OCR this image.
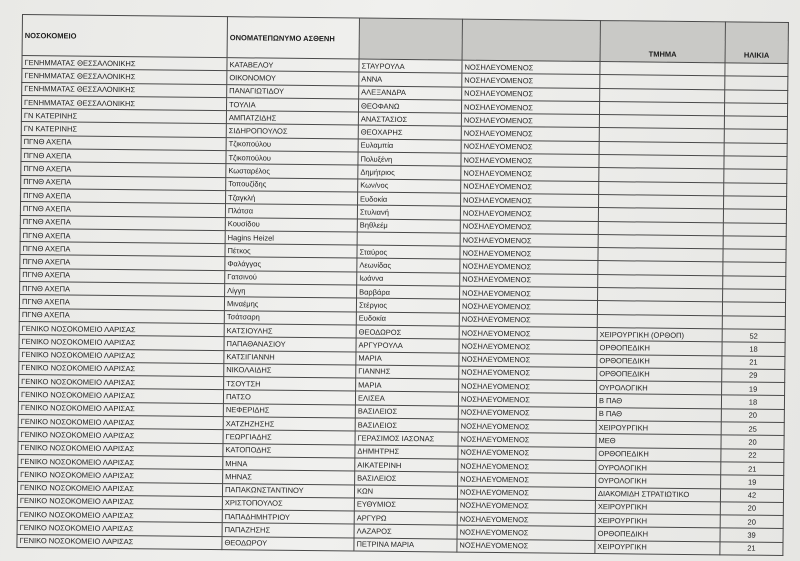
ΝΟΣΟΚΟΜΕΙΟ	ΟΝΟΜΑΤΕΠΩΝΥΜΟ ΑΣΘΕΝΗ			ΤΜΗΜΑ	ΗΛΙΚΙΑ
ΓΕΝΗΜΜΑΤΑΣ ΘΕΣΣΑΛΟΝΙΚΗΣ	ΚΑΤΑΒΕΛΟΥ	ΣΤΑΥΡΟΥΛΑ	ΝΟΣΗΛΕΥΟΜΕΝΟΣ		
ΓΕΝΗΜΜΑΤΑΣ ΘΕΣΣΑΛΟΝΙΚΗΣ	ΟΙΚΟΝΟΜΟΥ	ΑΝΝΑ	ΝΟΣΗΛΕΥΟΜΕΝΟΣ		
ΓΕΝΗΜΜΑΤΑΣ ΘΕΣΣΑΛΟΝΙΚΗΣ	ΠΑΝΑΓΙΩΤΙΔΟΥ	ΑΛΕΞΑΝΔΡΑ	ΝΟΣΗΛΕΥΟΜΕΝΟΣ		
ΓΕΝΗΜΜΑΤΑΣ ΘΕΣΣΑΛΟΝΙΚΗΣ	ΤΟΥΛΙΑ	ΘΕΟΦΑΝΩ	ΝΟΣΗΛΕΥΟΜΕΝΟΣ		
ΓΝ ΚΑΤΕΡΙΝΗΣ	ΑΜΠΑΤΖΙΔΗΣ	ΑΝΑΣΤΑΣΙΟΣ	ΝΟΣΗΛΕΥΟΜΕΝΟΣ		
ΓΝ ΚΑΤΕΡΙΝΗΣ	ΣΙΔΗΡΟΠΟΥΛΟΣ	ΘΕΟΧΑΡΗΣ	ΝΟΣΗΛΕΥΟΜΕΝΟΣ		
ΠΓΝΘ ΑΧΕΠΑ	Τζικοπούλου	Ευλαμπία	ΝΟΣΗΛΕΥΟΜΕΝΟΣ		
ΠΓΝΘ ΑΧΕΠΑ	Τζικοπούλου	Πολυξένη	ΝΟΣΗΛΕΥΟΜΕΝΟΣ		
ΠΓΝΘ ΑΧΕΠΑ	Κωσταρέλος	Δημήτριος	ΝΟΣΗΛΕΥΟΜΕΝΟΣ		
ΠΓΝΘ ΑΧΕΠΑ	Τοπουζίδης	Κων/νος	ΝΟΣΗΛΕΥΟΜΕΝΟΣ		
ΠΓΝΘ ΑΧΕΠΑ	Τζαγκλή	Ευδοκία	ΝΟΣΗΛΕΥΟΜΕΝΟΣ		
ΠΓΝΘ ΑΧΕΠΑ	Πλάτσα	Στυλιανή	ΝΟΣΗΛΕΥΟΜΕΝΟΣ		
ΠΓΝΘ ΑΧΕΠΑ	Κουσίδου	Βηθλεέμ	ΝΟΣΗΛΕΥΟΜΕΝΟΣ		
ΠΓΝΘ ΑΧΕΠΑ	Hagins Heizel		ΝΟΣΗΛΕΥΟΜΕΝΟΣ		
ΠΓΝΘ ΑΧΕΠΑ	Πέτκος	Σταύρος	ΝΟΣΗΛΕΥΟΜΕΝΟΣ		
ΠΓΝΘ ΑΧΕΠΑ	Φαλάγγας	Λεωνίδας	ΝΟΣΗΛΕΥΟΜΕΝΟΣ		
ΠΓΝΘ ΑΧΕΠΑ	Γατσινού	Ιωάννα	ΝΟΣΗΛΕΥΟΜΕΝΟΣ		
ΠΓΝΘ ΑΧΕΠΑ	Λίγγη	Βαρβάρα	ΝΟΣΗΛΕΥΟΜΕΝΟΣ		
ΠΓΝΘ ΑΧΕΠΑ	Μιναέμης	Στέργιος	ΝΟΣΗΛΕΥΟΜΕΝΟΣ		
ΠΓΝΘ ΑΧΕΠΑ	Τσάτσαρη	Ευδοκία	ΝΟΣΗΛΕΥΟΜΕΝΟΣ		
ΓΕΝΙΚΟ ΝΟΣΟΚΟΜΕΙΟ ΛΑΡΙΣΑΣ	ΚΑΤΣΙΟΥΛΗΣ	ΘΕΟΔΩΡΟΣ	ΝΟΣΗΛΕΥΟΜΕΝΟΣ	ΧΕΙΡΟΥΡΓΙΚΗ (ΟΡΘΟΠ)	52
ΓΕΝΙΚΟ ΝΟΣΟΚΟΜΕΙΟ ΛΑΡΙΣΑΣ	ΠΑΠΑΘΑΝΑΣΙΟΥ	ΑΡΓΥΡΟΥΛΑ	ΝΟΣΗΛΕΥΟΜΕΝΟΣ	ΟΡΘΟΠΕΔΙΚΗ	18
ΓΕΝΙΚΟ ΝΟΣΟΚΟΜΕΙΟ ΛΑΡΙΣΑΣ	ΚΑΤΣΙΓΙΑΝΝΗ	ΜΑΡΙΑ	ΝΟΣΗΛΕΥΟΜΕΝΟΣ	ΟΡΘΟΠΕΔΙΚΗ	21
ΓΕΝΙΚΟ ΝΟΣΟΚΟΜΕΙΟ ΛΑΡΙΣΑΣ	ΝΙΚΟΛΑΙΔΗΣ	ΓΙΑΝΝΗΣ	ΝΟΣΗΛΕΥΟΜΕΝΟΣ	ΟΡΘΟΠΕΔΙΚΗ	29
ΓΕΝΙΚΟ ΝΟΣΟΚΟΜΕΙΟ ΛΑΡΙΣΑΣ	ΤΣΟΥΤΣΗ	ΜΑΡΙΑ	ΝΟΣΗΛΕΥΟΜΕΝΟΣ	ΟΥΡΟΛΟΓΙΚΗ	19
ΓΕΝΙΚΟ ΝΟΣΟΚΟΜΕΙΟ ΛΑΡΙΣΑΣ	ΠΑΤΣΟ	ΕΛΙΣΕΑ	ΝΟΣΗΛΕΥΟΜΕΝΟΣ	Β ΠΑΘ	18
ΓΕΝΙΚΟ ΝΟΣΟΚΟΜΕΙΟ ΛΑΡΙΣΑΣ	ΝΕΦΕΡΙΔΗΣ	ΒΑΣΙΛΕΙΟΣ	ΝΟΣΗΛΕΥΟΜΕΝΟΣ	Β ΠΑΘ	20
ΓΕΝΙΚΟ ΝΟΣΟΚΟΜΕΙΟ ΛΑΡΙΣΑΣ	ΧΑΤΖΗΖΗΣΗΣ	ΒΑΣΙΛΕΙΟΣ	ΝΟΣΗΛΕΥΟΜΕΝΟΣ	ΧΕΙΡΟΥΡΓΙΚΗ	25
ΓΕΝΙΚΟ ΝΟΣΟΚΟΜΕΙΟ ΛΑΡΙΣΑΣ	ΓΕΩΡΓΙΑΔΗΣ	ΓΕΡΑΣΙΜΟΣ ΙΑΣΟΝΑΣ	ΝΟΣΗΛΕΥΟΜΕΝΟΣ	ΜΕΘ	20
ΓΕΝΙΚΟ ΝΟΣΟΚΟΜΕΙΟ ΛΑΡΙΣΑΣ	ΚΑΤΟΠΟΔΗΣ	ΔΗΜΗΤΡΗΣ	ΝΟΣΗΛΕΥΟΜΕΝΟΣ	ΟΡΘΟΠΕΔΙΚΗ	22
ΓΕΝΙΚΟ ΝΟΣΟΚΟΜΕΙΟ ΛΑΡΙΣΑΣ	ΜΗΝΑ	ΑΙΚΑΤΕΡΙΝΗ	ΝΟΣΗΛΕΥΟΜΕΝΟΣ	ΟΥΡΟΛΟΓΙΚΗ	21
ΓΕΝΙΚΟ ΝΟΣΟΚΟΜΕΙΟ ΛΑΡΙΣΑΣ	ΜΗΝΑΣ	ΒΑΣΙΛΕΙΟΣ	ΝΟΣΗΛΕΥΟΜΕΝΟΣ	ΟΥΡΟΛΟΓΙΚΗ	19
ΓΕΝΙΚΟ ΝΟΣΟΚΟΜΕΙΟ ΛΑΡΙΣΑΣ	ΠΑΠΑΚΩΝΣΤΑΝΤΙΝΟΥ	ΚΩΝ	ΝΟΣΗΛΕΥΟΜΕΝΟΣ	ΔΙΑΚΟΜΙΔΗ ΣΤΡΑΤΙΩΤΙΚΟ	42
ΓΕΝΙΚΟ ΝΟΣΟΚΟΜΕΙΟ ΛΑΡΙΣΑΣ	ΧΡΙΣΤΟΠΟΥΛΟΣ	ΕΥΘΥΜΙΟΣ	ΝΟΣΗΛΕΥΟΜΕΝΟΣ	ΧΕΙΡΟΥΡΓΙΚΗ	20
ΓΕΝΙΚΟ ΝΟΣΟΚΟΜΕΙΟ ΛΑΡΙΣΑΣ	ΠΑΠΑΔΗΜΗΤΡΙΟΥ	ΑΡΓΥΡΩ	ΝΟΣΗΛΕΥΟΜΕΝΟΣ	ΧΕΙΡΟΥΡΓΙΚΗ	20
ΓΕΝΙΚΟ ΝΟΣΟΚΟΜΕΙΟ ΛΑΡΙΣΑΣ	ΠΑΠΑΖΗΣΗΣ	ΛΑΖΑΡΟΣ	ΝΟΣΗΛΕΥΟΜΕΝΟΣ	ΟΡΘΟΠΕΔΙΚΗ	39
ΓΕΝΙΚΟ ΝΟΣΟΚΟΜΕΙΟ ΛΑΡΙΣΑΣ	ΘΕΟΔΩΡΟΥ	ΠΕΤΡΙΝΑ ΜΑΡΙΑ	ΝΟΣΗΛΕΥΟΜΕΝΟΣ	ΧΕΙΡΟΥΡΓΙΚΗ	21
